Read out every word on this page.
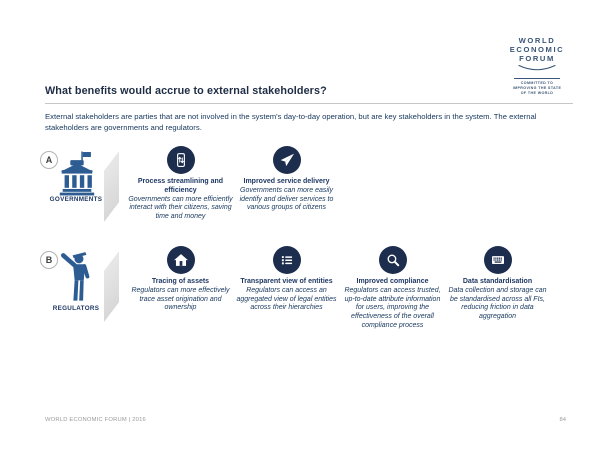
WORLD
ECONOMIC
FORUM
COMMITTED TO
IMPROVING THE STATE
OF THE WORLD
What benefits would accrue to external stakeholders?

External stakeholders are parties that are not involved in the system's day-to-day operation, but are key stakeholders in the system. The external stakeholders are governments and regulators.

A
GOVERNMENTS
Process streamlining and efficiency
Governments can more efficiently interact with their citizens, saving time and money
Improved service delivery
Governments can more easily identify and deliver services to various groups of citizens
B
REGULATORS
Tracing of assets
Regulators can more effectively trace asset origination and ownership
Transparent view of entities
Regulators can access an aggregated view of legal entities across their hierarchies
Improved compliance
Regulators can access trusted, up-to-date attribute information for users, improving the effectiveness of the overall compliance process
Data standardisation
Data collection and storage can be standardised across all FIs, reducing friction in data aggregation
WORLD ECONOMIC FORUM | 2016	84
